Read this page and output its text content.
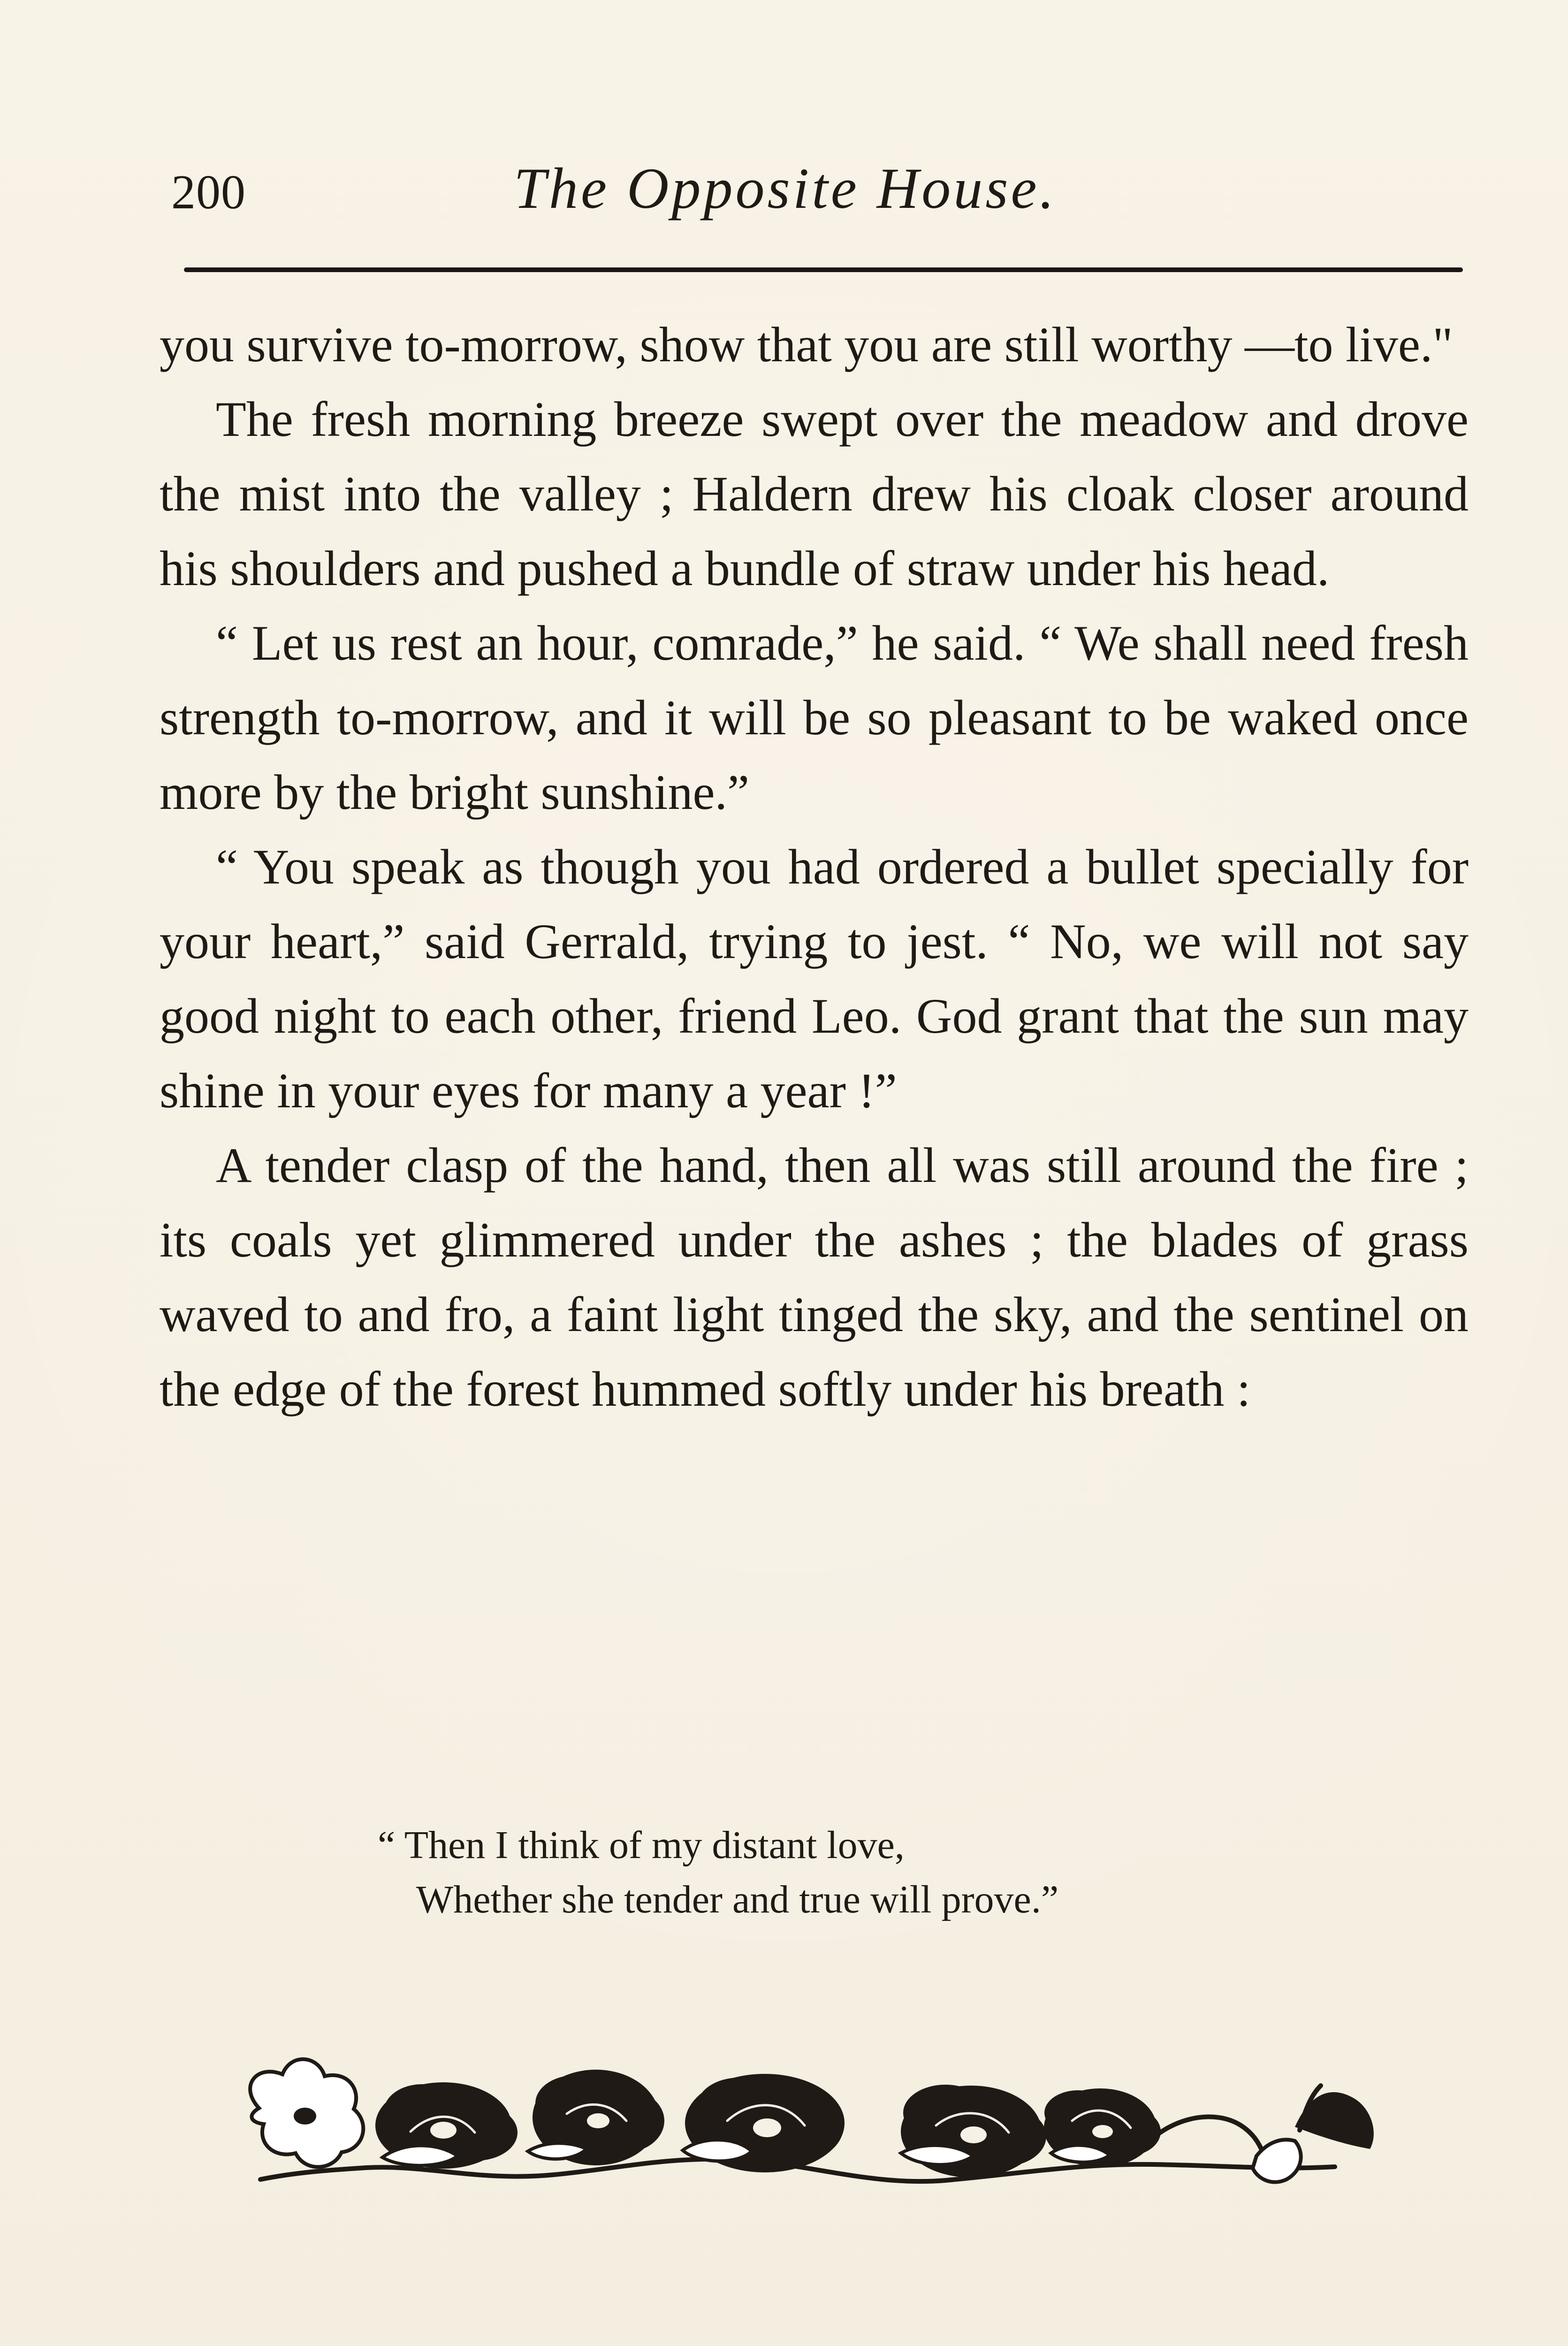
200	The Opposite House.

you survive to-morrow, show that you are still worthy —to live."

The fresh morning breeze swept over the meadow and drove the mist into the valley ; Haldern drew his cloak closer around his shoulders and pushed a bundle of straw under his head.

“ Let us rest an hour, comrade,” he said. “ We shall need fresh strength to-morrow, and it will be so pleasant to be waked once more by the bright sunshine.”

“ You speak as though you had ordered a bullet specially for your heart,” said Gerrald, trying to jest. “ No, we will not say good night to each other, friend Leo. God grant that the sun may shine in your eyes for many a year !”

A tender clasp of the hand, then all was still around the fire ; its coals yet glimmered under the ashes ; the blades of grass waved to and fro, a faint light tinged the sky, and the sentinel on the edge of the forest hummed softly under his breath :

“ Then I think of my distant love,
Whether she tender and true will prove.”
